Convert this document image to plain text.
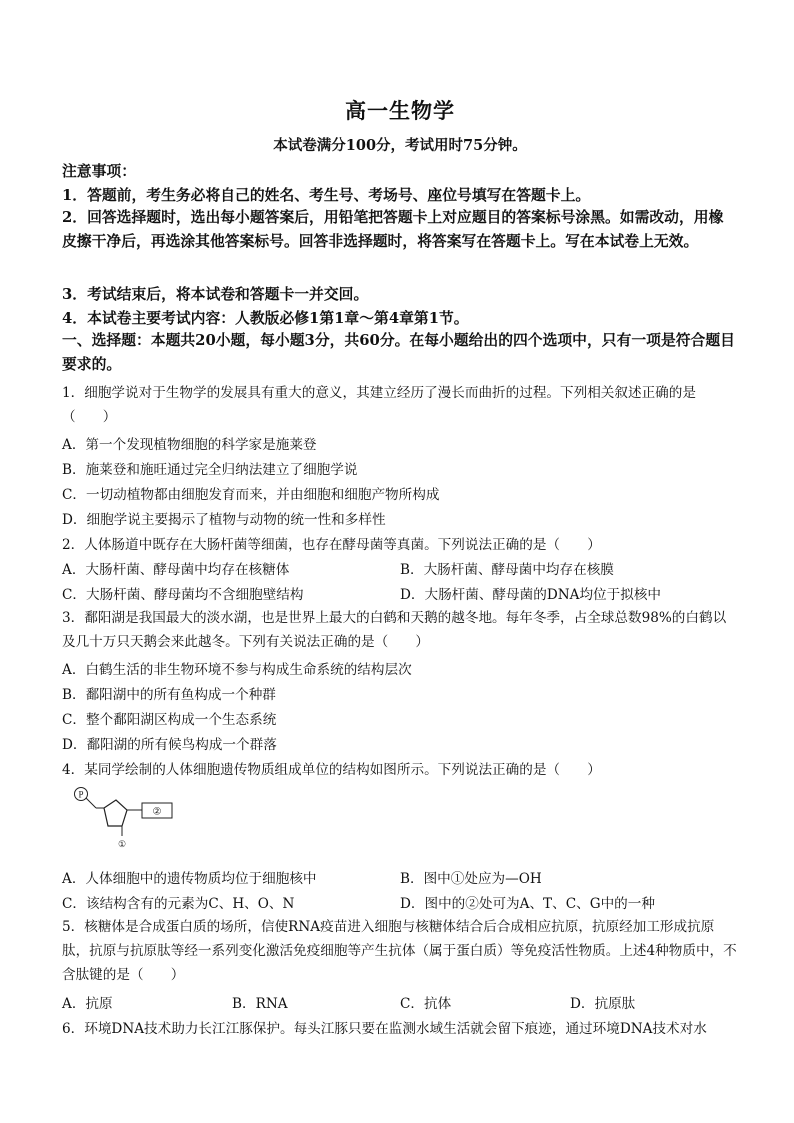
高一生物学
本试卷满分100分，考试用时75分钟。
注意事项：
1．答题前，考生务必将自己的姓名、考生号、考场号、座位号填写在答题卡上。
2．回答选择题时，选出每小题答案后，用铅笔把答题卡上对应题目的答案标号涂黑。如需改动，用橡皮擦干净后，再选涂其他答案标号。回答非选择题时，将答案写在答题卡上。写在本试卷上无效。
3．考试结束后，将本试卷和答题卡一并交回。
4．本试卷主要考试内容：人教版必修1第1章～第4章第1节。
一、选择题：本题共20小题，每小题3分，共60分。在每小题给出的四个选项中，只有一项是符合题目要求的。
1．细胞学说对于生物学的发展具有重大的意义，其建立经历了漫长而曲折的过程。下列相关叙述正确的是（　　）
A．第一个发现植物细胞的科学家是施莱登
B．施莱登和施旺通过完全归纳法建立了细胞学说
C．一切动植物都由细胞发育而来，并由细胞和细胞产物所构成
D．细胞学说主要揭示了植物与动物的统一性和多样性
2．人体肠道中既存在大肠杆菌等细菌，也存在酵母菌等真菌。下列说法正确的是（　　）
A．大肠杆菌、酵母菌中均存在核糖体	B．大肠杆菌、酵母菌中均存在核膜
C．大肠杆菌、酵母菌均不含细胞壁结构	D．大肠杆菌、酵母菌的DNA均位于拟核中
3．鄱阳湖是我国最大的淡水湖，也是世界上最大的白鹤和天鹅的越冬地。每年冬季，占全球总数98%的白鹤以及几十万只天鹅会来此越冬。下列有关说法正确的是（　　）
A．白鹤生活的非生物环境不参与构成生命系统的结构层次
B．鄱阳湖中的所有鱼构成一个种群
C．整个鄱阳湖区构成一个生态系统
D．鄱阳湖的所有候鸟构成一个群落
4．某同学绘制的人体细胞遗传物质组成单位的结构如图所示。下列说法正确的是（　　）
P
②
①
A．人体细胞中的遗传物质均位于细胞核中	B．图中①处应为—OH
C．该结构含有的元素为C、H、O、N	D．图中的②处可为A、T、C、G中的一种
5．核糖体是合成蛋白质的场所，信使RNA疫苗进入细胞与核糖体结合后合成相应抗原，抗原经加工形成抗原肽，抗原与抗原肽等经一系列变化激活免疫细胞等产生抗体（属于蛋白质）等免疫活性物质。上述4种物质中，不含肽键的是（　　）
A．抗原	B．RNA	C．抗体	D．抗原肽
6．环境DNA技术助力长江江豚保护。每头江豚只要在监测水域生活就会留下痕迹，通过环境DNA技术对水
